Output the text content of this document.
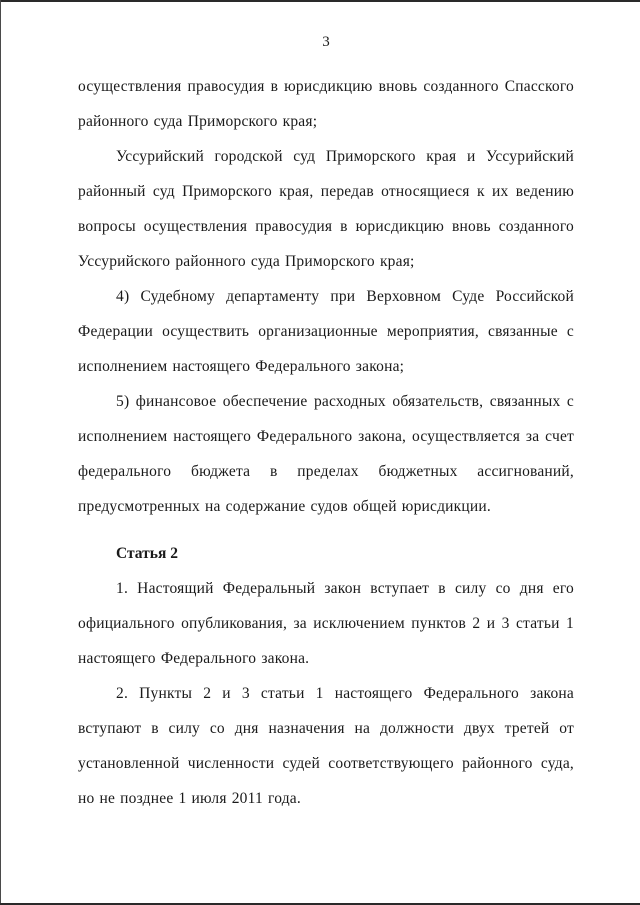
3

осуществления правосудия в юрисдикцию вновь созданного Спасского районного суда Приморского края;

Уссурийский городской суд Приморского края и Уссурийский районный суд Приморского края, передав относящиеся к их ведению вопросы осуществления правосудия в юрисдикцию вновь созданного Уссурийского районного суда Приморского края;

4) Судебному департаменту при Верховном Суде Российской Федерации осуществить организационные мероприятия, связанные с исполнением настоящего Федерального закона;

5) финансовое обеспечение расходных обязательств, связанных с исполнением настоящего Федерального закона, осуществляется за счет федерального бюджета в пределах бюджетных ассигнований, предусмотренных на содержание судов общей юрисдикции.

Статья 2

1. Настоящий Федеральный закон вступает в силу со дня его официального опубликования, за исключением пунктов 2 и 3 статьи 1 настоящего Федерального закона.

2. Пункты 2 и 3 статьи 1 настоящего Федерального закона вступают в силу со дня назначения на должности двух третей от установленной численности судей соответствующего районного суда, но не позднее 1 июля 2011 года.
